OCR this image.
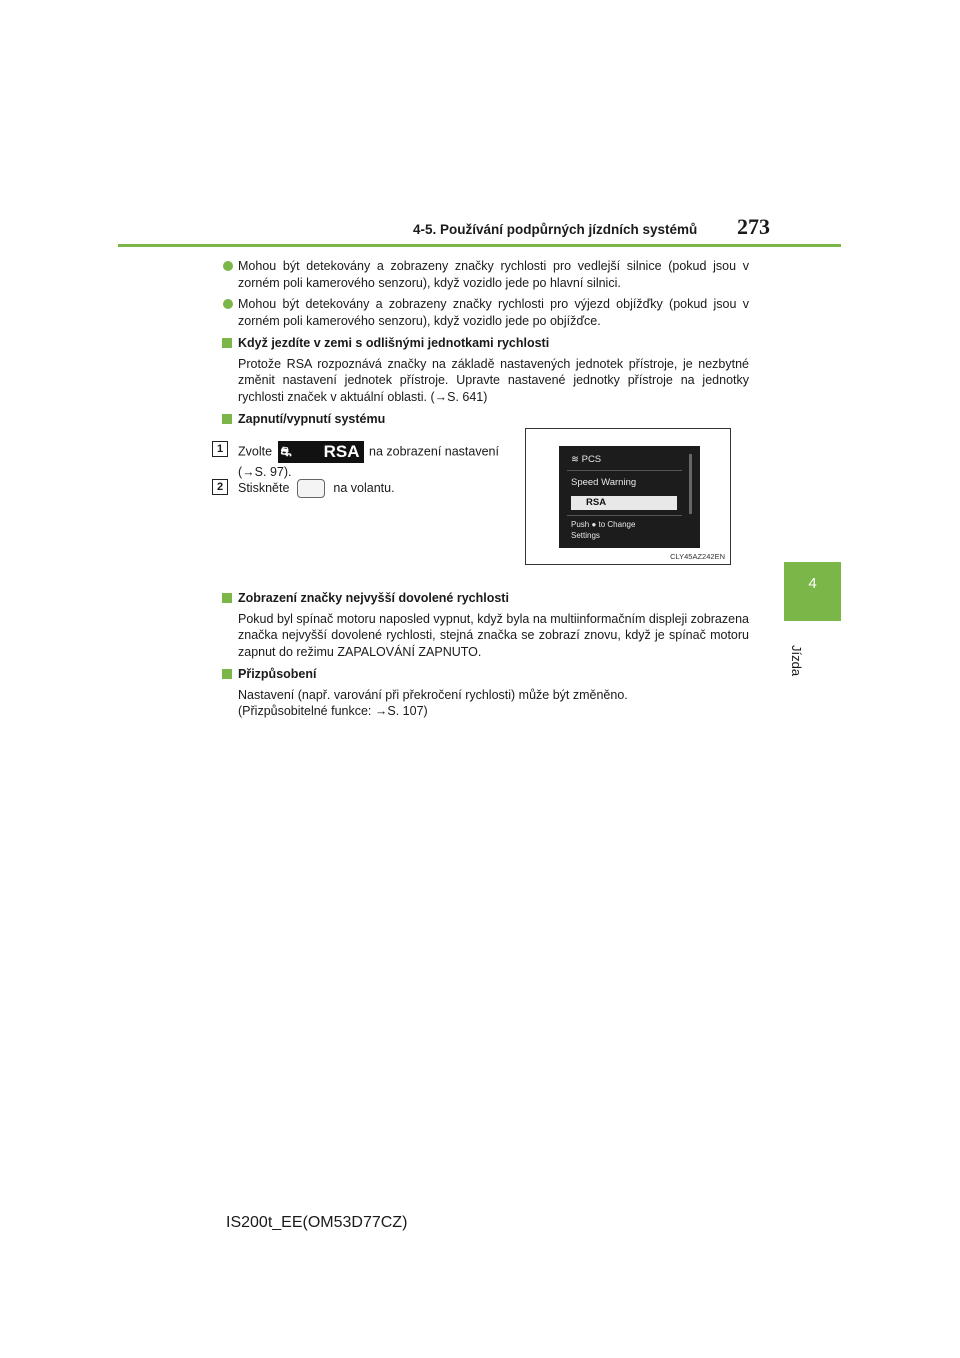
4-5. Používání podpůrných jízdních systémů 273
4
Jízda
Mohou být detekovány a zobrazeny značky rychlosti pro vedlejší silnice (pokud jsou v zorném poli kamerového senzoru), když vozidlo jede po hlavní silnici.
Mohou být detekovány a zobrazeny značky rychlosti pro výjezd objížďky (pokud jsou v zorném poli kamerového senzoru), když vozidlo jede po objížďce.
Když jezdíte v zemi s odlišnými jednotkami rychlosti
Protože RSA rozpoznává značky na základě nastavených jednotek přístroje, je nezbytné změnit nastavení jednotek přístroje. Upravte nastavené jednotky přístroje na jednotky rychlosti značek v aktuální oblasti. (→S. 641)
Zapnutí/vypnutí systému
1	Zvolte ⛐ RSA na zobrazení nastavení
(→S. 97).
2	Stiskněte	na volantu.
≋ PCS
Speed Warning
RSA
Push ● to Change
Settings
CLY45AZ242EN
Zobrazení značky nejvyšší dovolené rychlosti
Pokud byl spínač motoru naposled vypnut, když byla na multiinformačním displeji zobrazena značka nejvyšší dovolené rychlosti, stejná značka se zobrazí znovu, když je spínač motoru zapnut do režimu ZAPALOVÁNÍ ZAPNUTO.
Přizpůsobení
Nastavení (např. varování při překročení rychlosti) může být změněno.
(Přizpůsobitelné funkce: →S. 107)
IS200t_EE(OM53D77CZ)
